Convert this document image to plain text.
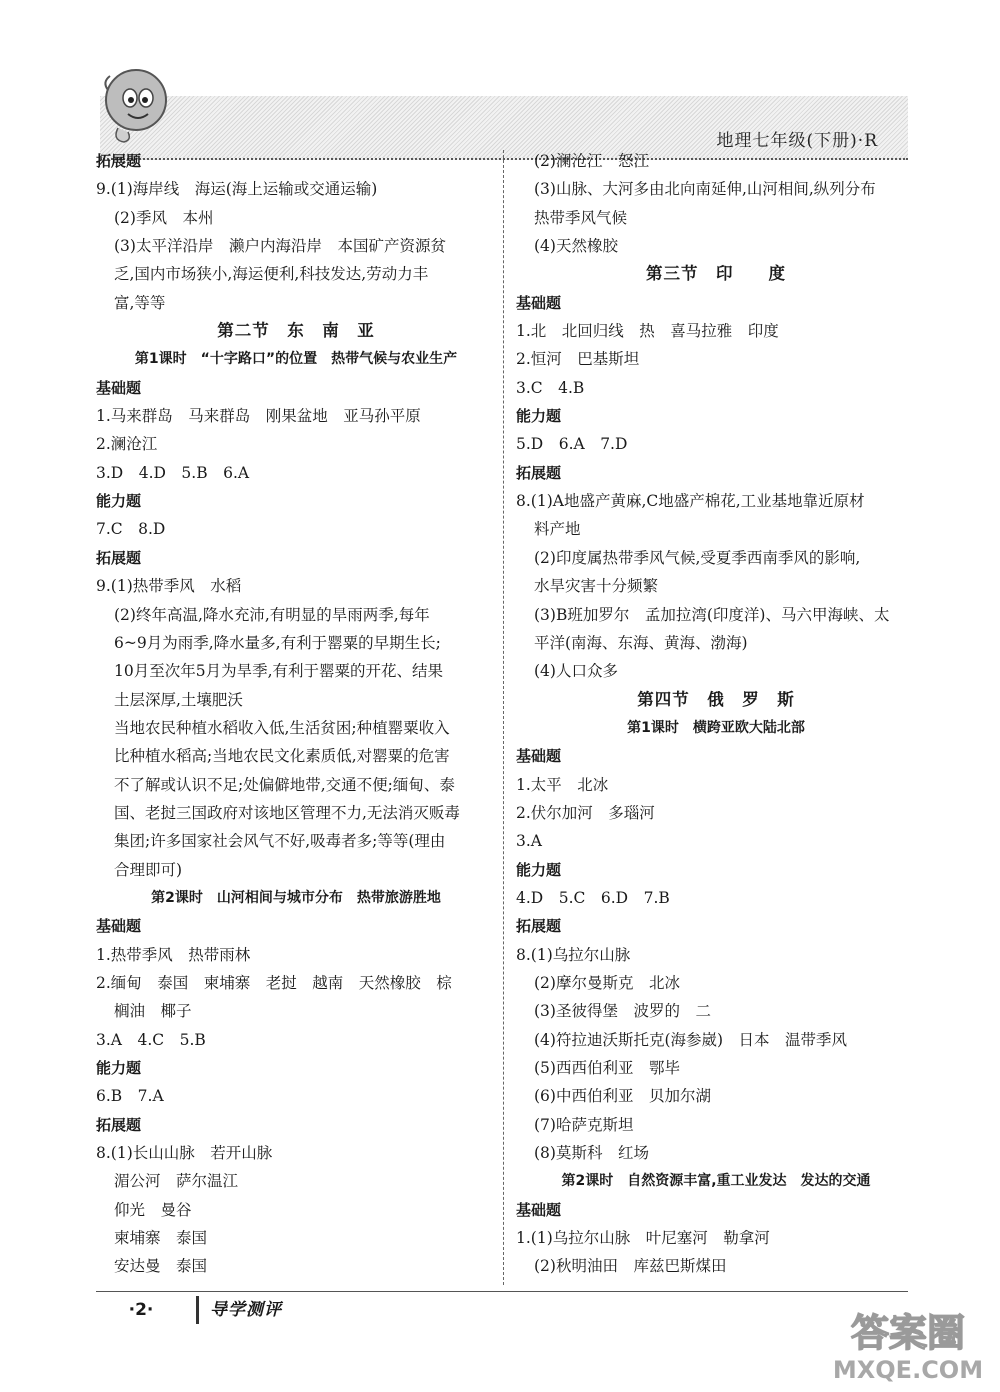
地理七年级(下册)·R
拓展题
9.(1)海岸线　海运(海上运输或交通运输)
(2)季风　本州
(3)太平洋沿岸　濑户内海沿岸　本国矿产资源贫
乏,国内市场狭小,海运便利,科技发达,劳动力丰
富,等等
第二节　东　南　亚
第1课时　“十字路口”的位置　热带气候与农业生产
基础题
1.马来群岛　马来群岛　刚果盆地　亚马孙平原
2.澜沧江
3.D　4.D　5.B　6.A
能力题
7.C　8.D
拓展题
9.(1)热带季风　水稻
(2)终年高温,降水充沛,有明显的旱雨两季,每年
6~9月为雨季,降水量多,有利于罂粟的早期生长;
10月至次年5月为旱季,有利于罂粟的开花、结果
土层深厚,土壤肥沃
当地农民种植水稻收入低,生活贫困;种植罂粟收入
比种植水稻高;当地农民文化素质低,对罂粟的危害
不了解或认识不足;处偏僻地带,交通不便;缅甸、泰
国、老挝三国政府对该地区管理不力,无法消灭贩毒
集团;许多国家社会风气不好,吸毒者多;等等(理由
合理即可)
第2课时　山河相间与城市分布　热带旅游胜地
基础题
1.热带季风　热带雨林
2.缅甸　泰国　柬埔寨　老挝　越南　天然橡胶　棕
榈油　椰子
3.A　4.C　5.B
能力题
6.B　7.A
拓展题
8.(1)长山山脉　若开山脉
湄公河　萨尔温江
仰光　曼谷
柬埔寨　泰国
安达曼　泰国
(2)澜沧江　怒江
(3)山脉、大河多由北向南延伸,山河相间,纵列分布
热带季风气候
(4)天然橡胶
第三节　印　　度
基础题
1.北　北回归线　热　喜马拉雅　印度
2.恒河　巴基斯坦
3.C　4.B
能力题
5.D　6.A　7.D
拓展题
8.(1)A地盛产黄麻,C地盛产棉花,工业基地靠近原材
料产地
(2)印度属热带季风气候,受夏季西南季风的影响,
水旱灾害十分频繁
(3)B班加罗尔　孟加拉湾(印度洋)、马六甲海峡、太
平洋(南海、东海、黄海、渤海)
(4)人口众多
第四节　俄　罗　斯
第1课时　横跨亚欧大陆北部
基础题
1.太平　北冰
2.伏尔加河　多瑙河
3.A
能力题
4.D　5.C　6.D　7.B
拓展题
8.(1)乌拉尔山脉
(2)摩尔曼斯克　北冰
(3)圣彼得堡　波罗的　二
(4)符拉迪沃斯托克(海参崴)　日本　温带季风
(5)西西伯利亚　鄂毕
(6)中西伯利亚　贝加尔湖
(7)哈萨克斯坦
(8)莫斯科　红场
第2课时　自然资源丰富,重工业发达　发达的交通
基础题
1.(1)乌拉尔山脉　叶尼塞河　勒拿河
(2)秋明油田　库兹巴斯煤田
·2·	导学测评
答案圈
MXQE.COM
